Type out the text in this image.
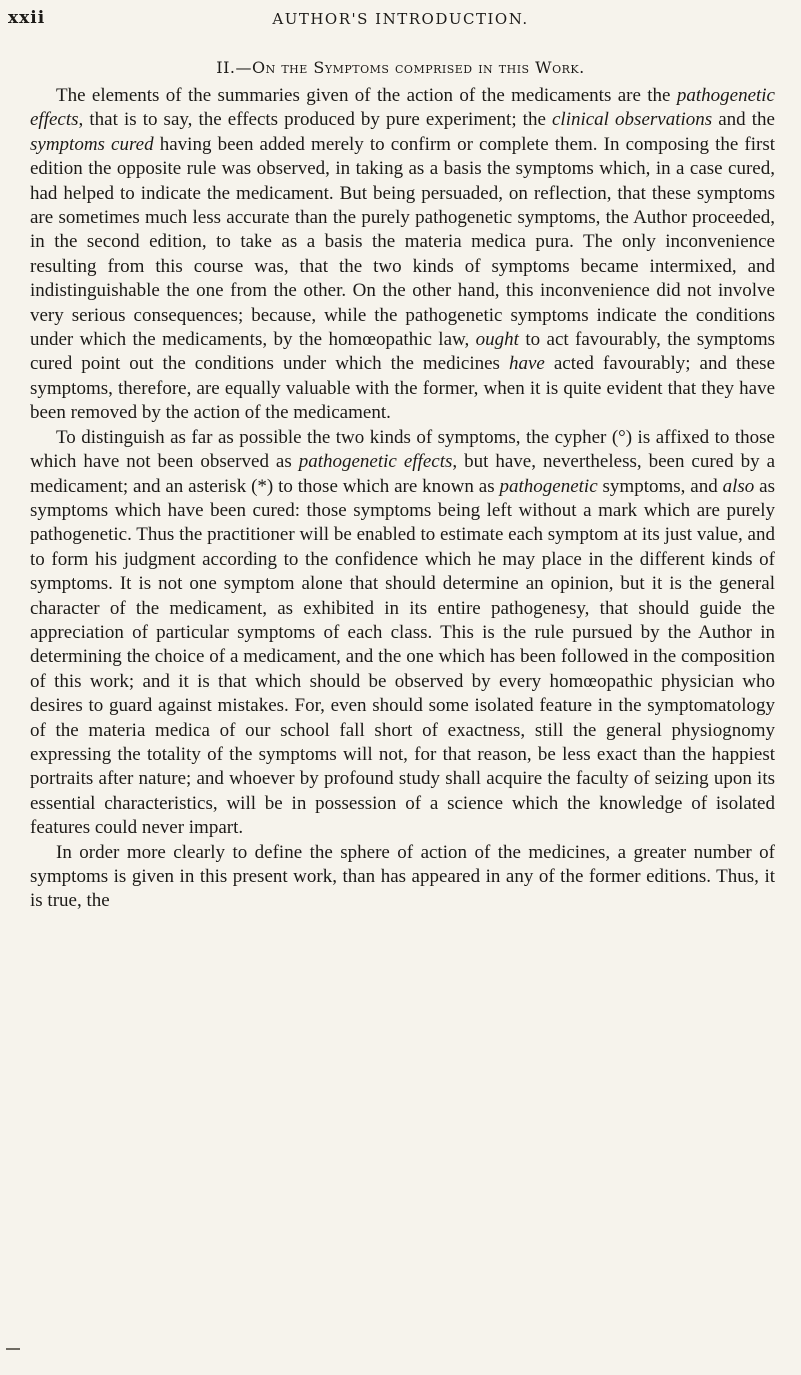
xxii	AUTHOR'S INTRODUCTION.
II.—On the Symptoms comprised in this Work.

The elements of the summaries given of the action of the medicaments are the pathogenetic effects, that is to say, the effects produced by pure experiment; the clinical observations and the symptoms cured having been added merely to confirm or complete them. In composing the first edition the opposite rule was observed, in taking as a basis the symptoms which, in a case cured, had helped to indicate the medicament. But being persuaded, on reflection, that these symptoms are sometimes much less accurate than the purely pathogenetic symptoms, the Author proceeded, in the second edition, to take as a basis the materia medica pura. The only inconvenience resulting from this course was, that the two kinds of symptoms became intermixed, and indistinguishable the one from the other. On the other hand, this inconvenience did not involve very serious consequences; because, while the pathogenetic symptoms indicate the conditions under which the medicaments, by the homœopathic law, ought to act favourably, the symptoms cured point out the conditions under which the medicines have acted favourably; and these symptoms, therefore, are equally valuable with the former, when it is quite evident that they have been removed by the action of the medicament.

To distinguish as far as possible the two kinds of symptoms, the cypher (°) is affixed to those which have not been observed as pathogenetic effects, but have, nevertheless, been cured by a medicament; and an asterisk (*) to those which are known as pathogenetic symptoms, and also as symptoms which have been cured: those symptoms being left without a mark which are purely pathogenetic. Thus the practitioner will be enabled to estimate each symptom at its just value, and to form his judgment according to the confidence which he may place in the different kinds of symptoms. It is not one symptom alone that should determine an opinion, but it is the general character of the medicament, as exhibited in its entire pathogenesy, that should guide the appreciation of particular symptoms of each class. This is the rule pursued by the Author in determining the choice of a medicament, and the one which has been followed in the composition of this work; and it is that which should be observed by every homœopathic physician who desires to guard against mistakes. For, even should some isolated feature in the symptomatology of the materia medica of our school fall short of exactness, still the general physiognomy expressing the totality of the symptoms will not, for that reason, be less exact than the happiest portraits after nature; and whoever by profound study shall acquire the faculty of seizing upon its essential characteristics, will be in possession of a science which the knowledge of isolated features could never impart.

In order more clearly to define the sphere of action of the medicines, a greater number of symptoms is given in this present work, than has appeared in any of the former editions. Thus, it is true, the
